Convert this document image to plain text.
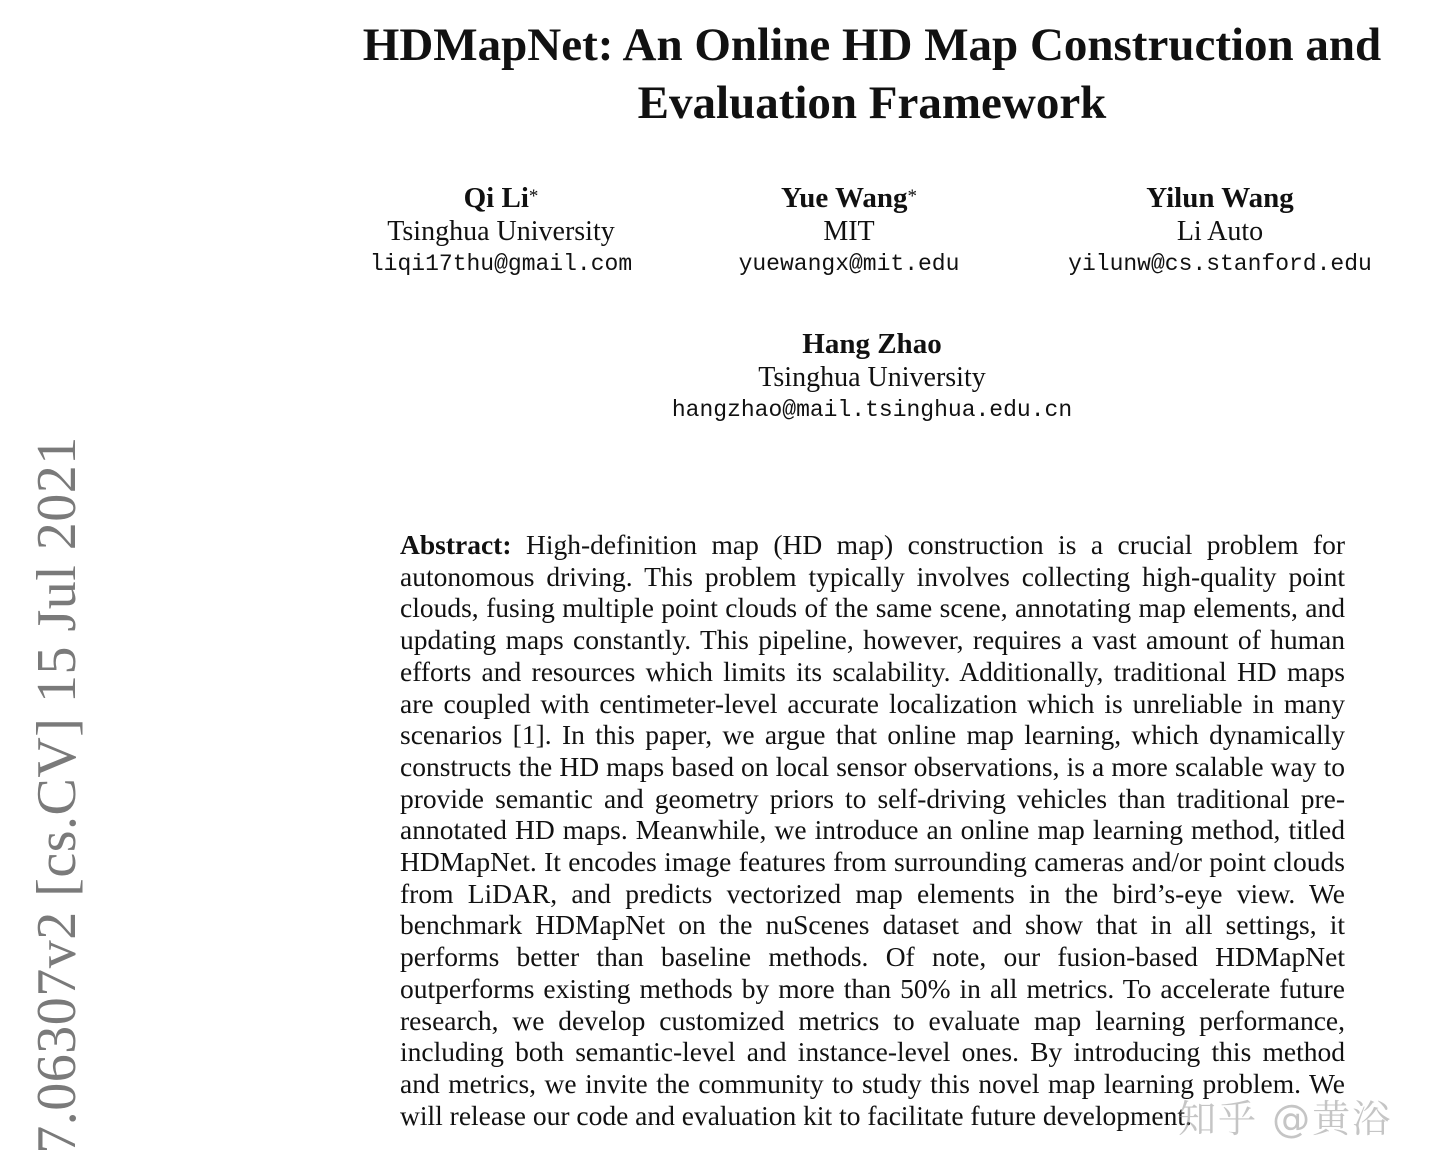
7.06307v2 [cs.CV] 15 Jul 2021
HDMapNet: An Online HD Map Construction and
Evaluation Framework
Qi Li*
Tsinghua University
liqi17thu@gmail.com
Yue Wang*
MIT
yuewangx@mit.edu
Yilun Wang
Li Auto
yilunw@cs.stanford.edu
Hang Zhao
Tsinghua University
hangzhao@mail.tsinghua.edu.cn

Abstract: High-definition map (HD map) construction is a crucial problem for autonomous driving. This problem typically involves collecting high-quality point clouds, fusing multiple point clouds of the same scene, annotating map elements, and updating maps constantly. This pipeline, however, requires a vast amount of human efforts and resources which limits its scalability. Additionally, traditional HD maps are coupled with centimeter-level accurate localization which is unreliable in many scenarios [1]. In this paper, we argue that online map learning, which dynamically constructs the HD maps based on local sensor observations, is a more scalable way to provide semantic and geometry priors to self-driving vehicles than traditional pre-annotated HD maps. Meanwhile, we introduce an online map learning method, titled HDMapNet. It encodes image features from surrounding cameras and/or point clouds from LiDAR, and predicts vectorized map elements in the bird’s-eye view. We benchmark HDMapNet on the nuScenes dataset and show that in all settings, it performs better than baseline methods. Of note, our fusion-based HDMapNet outperforms existing methods by more than 50% in all metrics. To accelerate future research, we develop customized metrics to evaluate map learning performance, including both semantic-level and instance-level ones. By introducing this method and metrics, we invite the community to study this novel map learning problem. We will release our code and evaluation kit to facilitate future development.

知乎 @黄浴
